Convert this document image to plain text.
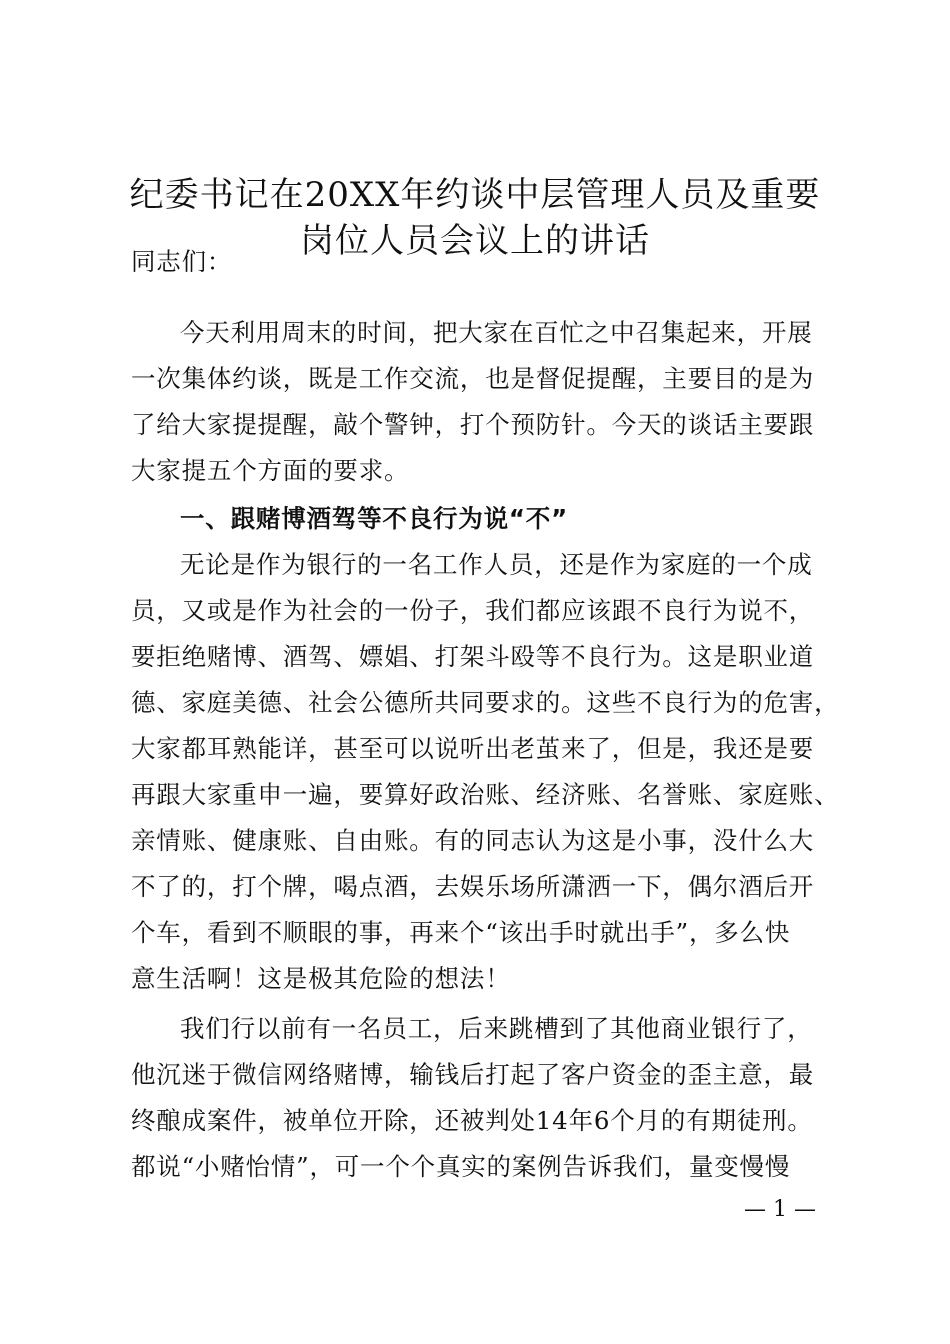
纪委书记在20XX年约谈中层管理人员及重要
岗位人员会议上的讲话
同志们：
今天利用周末的时间，把大家在百忙之中召集起来，开展
一次集体约谈，既是工作交流，也是督促提醒，主要目的是为
了给大家提提醒，敲个警钟，打个预防针。今天的谈话主要跟
大家提五个方面的要求。
一、跟赌博酒驾等不良行为说“不”
无论是作为银行的一名工作人员，还是作为家庭的一个成
员，又或是作为社会的一份子，我们都应该跟不良行为说不，
要拒绝赌博、酒驾、嫖娼、打架斗殴等不良行为。这是职业道
德、家庭美德、社会公德所共同要求的。这些不良行为的危害，
大家都耳熟能详，甚至可以说听出老茧来了，但是，我还是要
再跟大家重申一遍，要算好政治账、经济账、名誉账、家庭账、
亲情账、健康账、自由账。有的同志认为这是小事，没什么大
不了的，打个牌，喝点酒，去娱乐场所潇洒一下，偶尔酒后开
个车，看到不顺眼的事，再来个“该出手时就出手”，多么快
意生活啊！这是极其危险的想法！
我们行以前有一名员工，后来跳槽到了其他商业银行了，
他沉迷于微信网络赌博，输钱后打起了客户资金的歪主意，最
终酿成案件，被单位开除，还被判处14年6个月的有期徒刑。
都说“小赌怡情”，可一个个真实的案例告诉我们，量变慢慢
— 1 —
